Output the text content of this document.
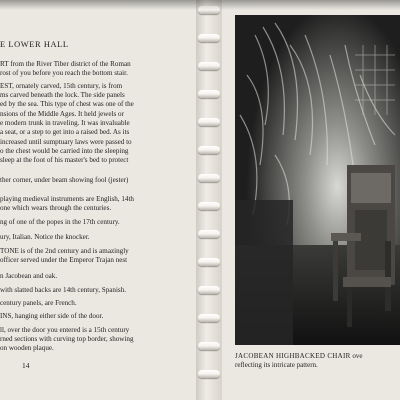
E LOWER HALL

RT from the River Tiber district of the Roman

rost of you before you reach the bottom stair.

EST, ornately carved, 15th century, is from

ms carved beneath the lock. The side panels

ed by the sea. This type of chest was one of the

nsions of the Middle Ages. It held jewels or

e modern trunk in traveling. It was invaluable

a seat, or a step to get into a raised bed. As its

increased until sumptuary laws were passed to

o the chest would be carried into the sleeping

sleep at the foot of his master's bed to protect

ther corner, under beam showing fool (jester)

playing medieval instruments are English, 14th

one which wears through the centuries.

ng of one of the popes in the 17th century.

ury, Italian. Notice the knocker.

TONE is of the 2nd century and is amazingly

officer served under the Emperor Trajan nest

n Jacobean and oak.

with slatted backs are 14th century, Spanish.

century panels, are French.

INS, hanging either side of the door.

ll, over the door you entered is a 15th century

rned sections with curving top border, showing

on wooden plaque.

14
JACOBEAN HIGHBACKED CHAIR ove
reflecting its intricate pattern.
